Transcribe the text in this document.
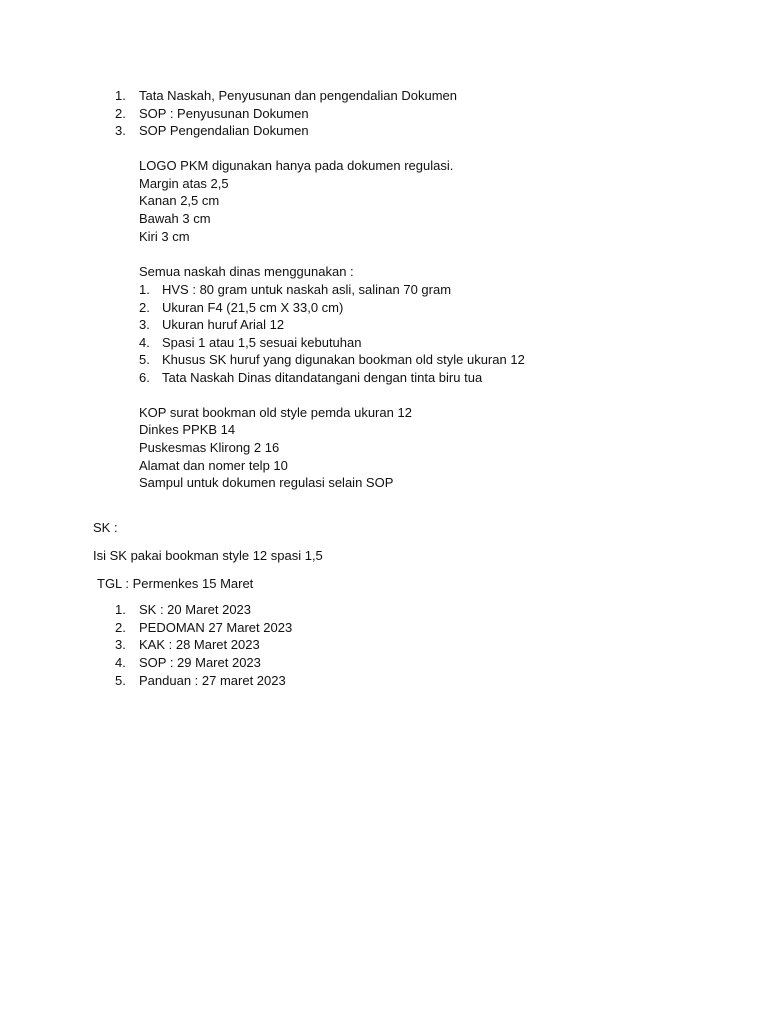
1. Tata Naskah, Penyusunan dan pengendalian Dokumen
2. SOP : Penyusunan Dokumen
3. SOP Pengendalian Dokumen
LOGO PKM digunakan hanya pada dokumen regulasi.
Margin atas 2,5
Kanan 2,5 cm
Bawah 3 cm
Kiri 3 cm
Semua naskah dinas menggunakan :
1. HVS : 80 gram untuk naskah asli, salinan 70 gram
2. Ukuran F4 (21,5 cm X 33,0 cm)
3. Ukuran huruf Arial 12
4. Spasi 1 atau 1,5 sesuai kebutuhan
5. Khusus SK huruf yang digunakan bookman old style ukuran 12
6. Tata Naskah Dinas ditandatangani dengan tinta biru tua
KOP surat bookman old style pemda ukuran 12
Dinkes PPKB 14
Puskesmas Klirong 2 16
Alamat dan nomer telp 10
Sampul untuk dokumen regulasi selain SOP
SK :
Isi SK pakai bookman style 12 spasi 1,5
TGL : Permenkes 15 Maret
1. SK : 20 Maret 2023
2. PEDOMAN 27 Maret 2023
3. KAK : 28 Maret 2023
4. SOP : 29 Maret 2023
5. Panduan : 27 maret 2023
